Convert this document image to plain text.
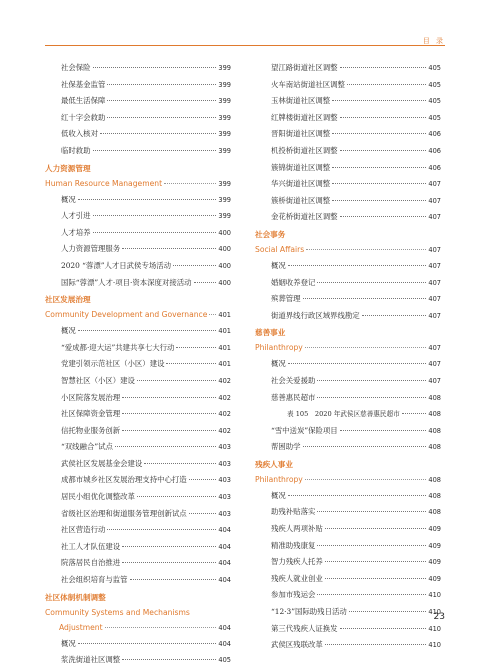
目 录
社会保险	399
社保基金监管	399
最低生活保障	399
红十字会救助	399
低收入核对	399
临时救助	399
人力资源管理
Human Resource Management	399
概况	399
人才引进	399
人才培养	400
人力资源管理服务	400
2020 “蓉漂”人才日武侯专场活动	400
国际“蓉漂”人才·项目·资本深度对接活动	400
社区发展治理
Community Development and Governance 401
概况	401
“爱成都·迎大运”共建共享七大行动	401
党建引领示范社区（小区）建设	401
智慧社区（小区）建设	402
小区院落发展治理	402
社区保障资金管理	402
信托物业服务创新	402
“双线融合”试点	403
武侯社区发展基金会建设	403
成都市城乡社区发展治理支持中心打造	403
居民小组优化调整改革	403
省级社区治理和街道服务管理创新试点	403
社区营造行动	404
社工人才队伍建设	404
院落居民自治推进	404
社会组织培育与监管	404
社区体制机制调整
Community Systems and Mechanisms
Adjustment	404
概况	404
浆洗街道社区调整	405
望江路街道社区调整	405
火车南站街道社区调整	405
玉林街道社区调整	405
红牌楼街道社区调整	405
晋阳街道社区调整	406
机投桥街道社区调整	406
簇锦街道社区调整	406
华兴街道社区调整	407
簇桥街道社区调整	407
金花桥街道社区调整	407
社会事务
Social Affairs	407
概况	407
婚姻收养登记	407
殡葬管理	407
街道界线行政区域界线勘定	407
慈善事业
Philanthropy	407
概况	407
社会关爱援助	407
慈善惠民超市	408
表 105　2020 年武侯区慈善惠民超市	408
“雪中送炭”保险项目	408
帮困助学	408
残疾人事业
Philanthropy	408
概况	408
助残补贴落实	408
残疾人两项补贴	409
精准助残康复	409
智力残疾人托养	409
残疾人就业创业	409
参加市残运会	410
“12·3”国际助残日活动	410
第三代残疾人证换发	410
武侯区残联改革	410
23
